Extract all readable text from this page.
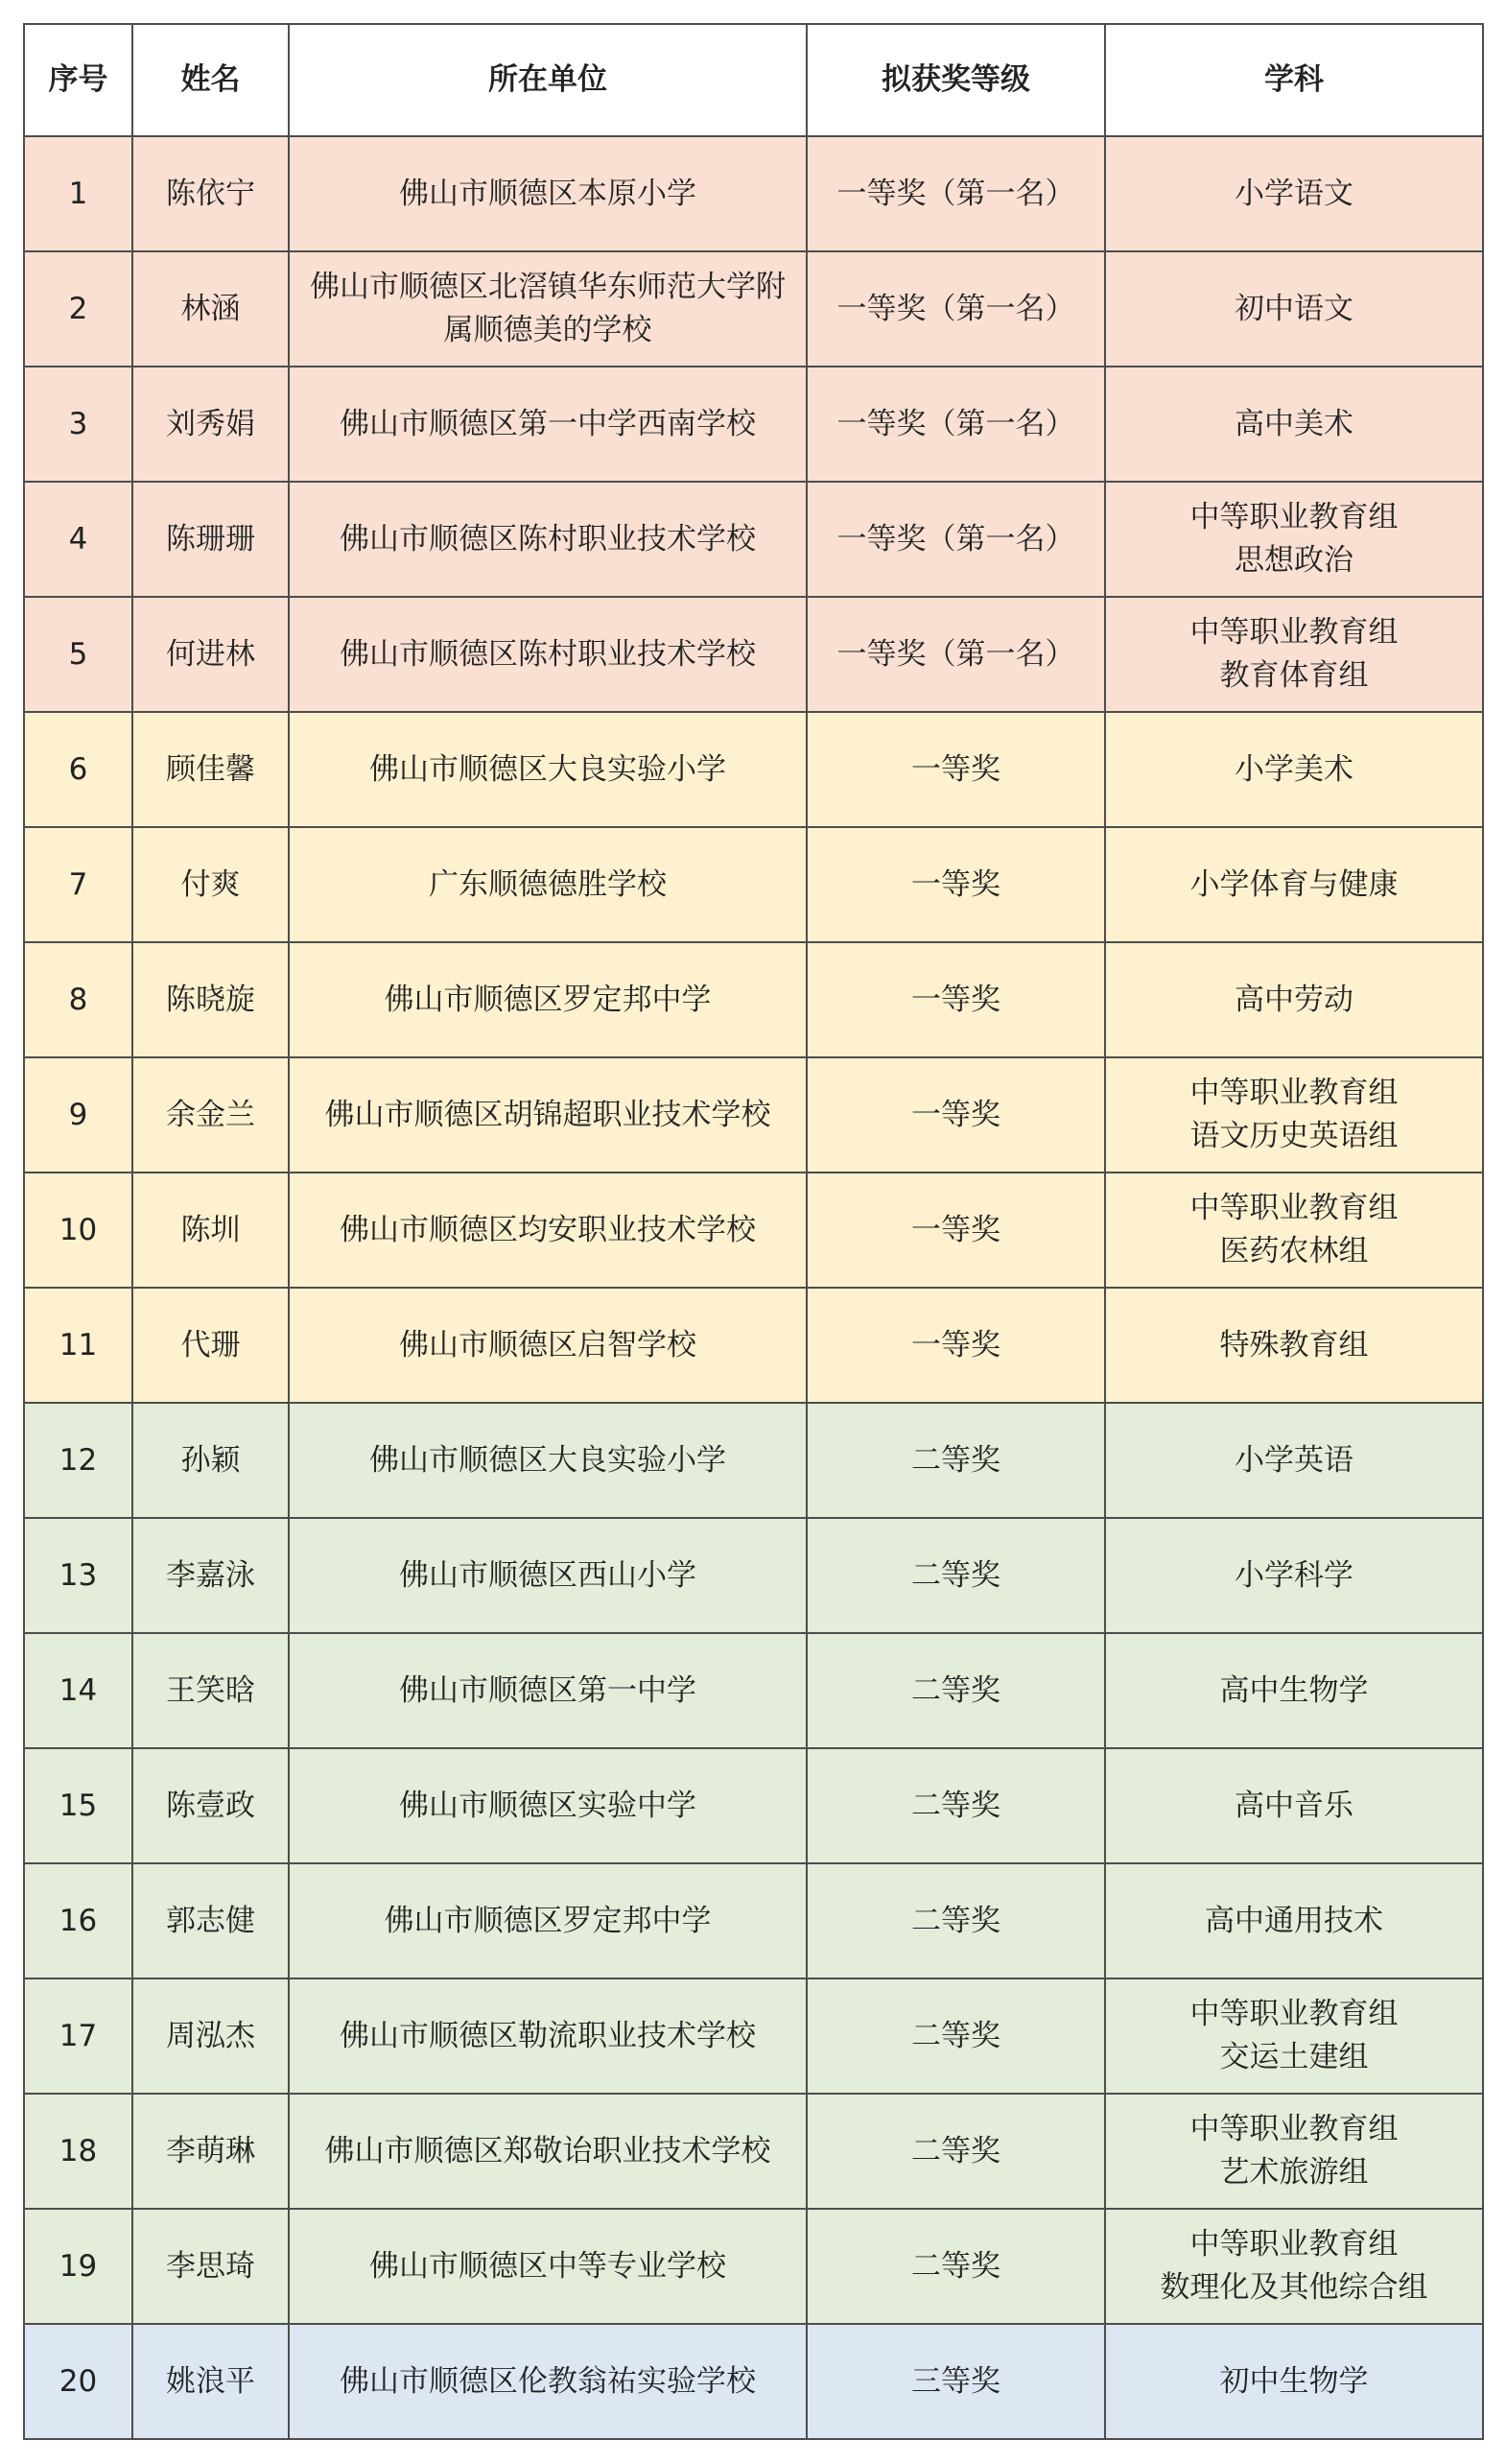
序号	姓名	所在单位	拟获奖等级	学科
1	陈依宁	佛山市顺德区本原小学	一等奖（第一名）	小学语文

2	林涵	佛山市顺德区北滘镇华东师范大学附
属顺德美的学校	一等奖（第一名）	初中语文

3	刘秀娟	佛山市顺德区第一中学西南学校	一等奖（第一名）	高中美术

4	陈珊珊	佛山市顺德区陈村职业技术学校	一等奖（第一名）	中等职业教育组
思想政治

5	何进林	佛山市顺德区陈村职业技术学校	一等奖（第一名）	中等职业教育组
教育体育组

6	顾佳馨	佛山市顺德区大良实验小学	一等奖	小学美术

7	付爽	广东顺德德胜学校	一等奖	小学体育与健康

8	陈晓旋	佛山市顺德区罗定邦中学	一等奖	高中劳动

9	余金兰	佛山市顺德区胡锦超职业技术学校	一等奖	中等职业教育组
语文历史英语组

10	陈圳	佛山市顺德区均安职业技术学校	一等奖	中等职业教育组
医药农林组

11	代珊	佛山市顺德区启智学校	一等奖	特殊教育组

12	孙颖	佛山市顺德区大良实验小学	二等奖	小学英语

13	李嘉泳	佛山市顺德区西山小学	二等奖	小学科学

14	王笑晗	佛山市顺德区第一中学	二等奖	高中生物学

15	陈壹政	佛山市顺德区实验中学	二等奖	高中音乐

16	郭志健	佛山市顺德区罗定邦中学	二等奖	高中通用技术

17	周泓杰	佛山市顺德区勒流职业技术学校	二等奖	中等职业教育组
交运土建组

18	李萌琳	佛山市顺德区郑敬诒职业技术学校	二等奖	中等职业教育组
艺术旅游组

19	李思琦	佛山市顺德区中等专业学校	二等奖	中等职业教育组
数理化及其他综合组

20	姚浪平	佛山市顺德区伦教翁祐实验学校	三等奖	初中生物学
